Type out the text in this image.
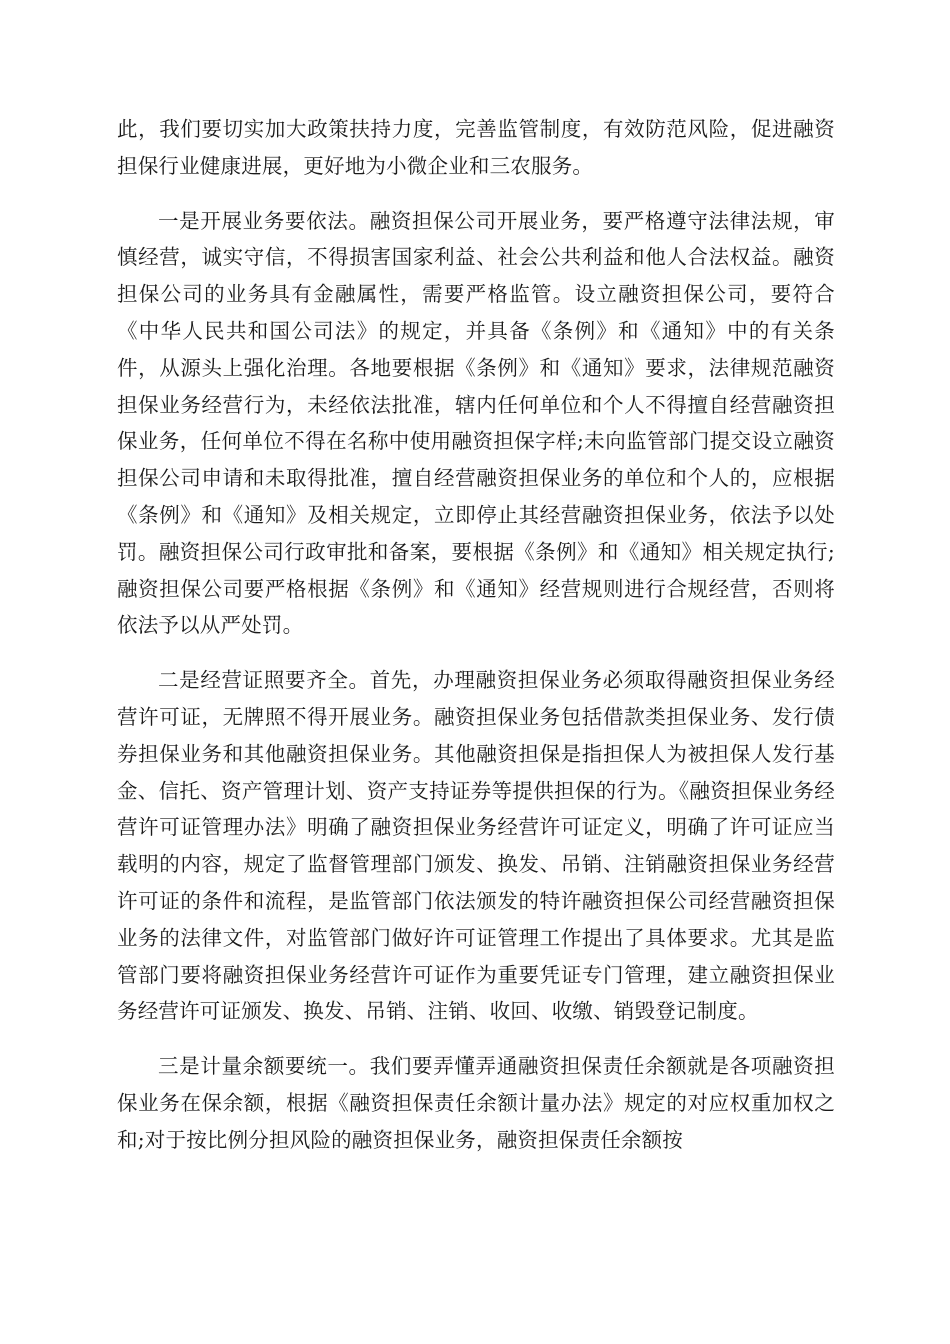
此，我们要切实加大政策扶持力度，完善监管制度，有效防范风险，促进融资担保行业健康进展，更好地为小微企业和三农服务。

一是开展业务要依法。融资担保公司开展业务，要严格遵守法律法规，审慎经营，诚实守信，不得损害国家利益、社会公共利益和他人合法权益。融资担保公司的业务具有金融属性，需要严格监管。设立融资担保公司，要符合《中华人民共和国公司法》的规定，并具备《条例》和《通知》中的有关条件，从源头上强化治理。各地要根据《条例》和《通知》要求，法律规范融资担保业务经营行为，未经依法批准，辖内任何单位和个人不得擅自经营融资担保业务，任何单位不得在名称中使用融资担保字样;未向监管部门提交设立融资担保公司申请和未取得批准，擅自经营融资担保业务的单位和个人的，应根据《条例》和《通知》及相关规定，立即停止其经营融资担保业务，依法予以处罚。融资担保公司行政审批和备案，要根据《条例》和《通知》相关规定执行;融资担保公司要严格根据《条例》和《通知》经营规则进行合规经营，否则将依法予以从严处罚。

二是经营证照要齐全。首先，办理融资担保业务必须取得融资担保业务经营许可证，无牌照不得开展业务。融资担保业务包括借款类担保业务、发行债券担保业务和其他融资担保业务。其他融资担保是指担保人为被担保人发行基金、信托、资产管理计划、资产支持证券等提供担保的行为。《融资担保业务经营许可证管理办法》明确了融资担保业务经营许可证定义，明确了许可证应当载明的内容，规定了监督管理部门颁发、换发、吊销、注销融资担保业务经营许可证的条件和流程，是监管部门依法颁发的特许融资担保公司经营融资担保业务的法律文件，对监管部门做好许可证管理工作提出了具体要求。尤其是监管部门要将融资担保业务经营许可证作为重要凭证专门管理，建立融资担保业务经营许可证颁发、换发、吊销、注销、收回、收缴、销毁登记制度。

三是计量余额要统一。我们要弄懂弄通融资担保责任余额就是各项融资担保业务在保余额，根据《融资担保责任余额计量办法》规定的对应权重加权之和;对于按比例分担风险的融资担保业务，融资担保责任余额按
